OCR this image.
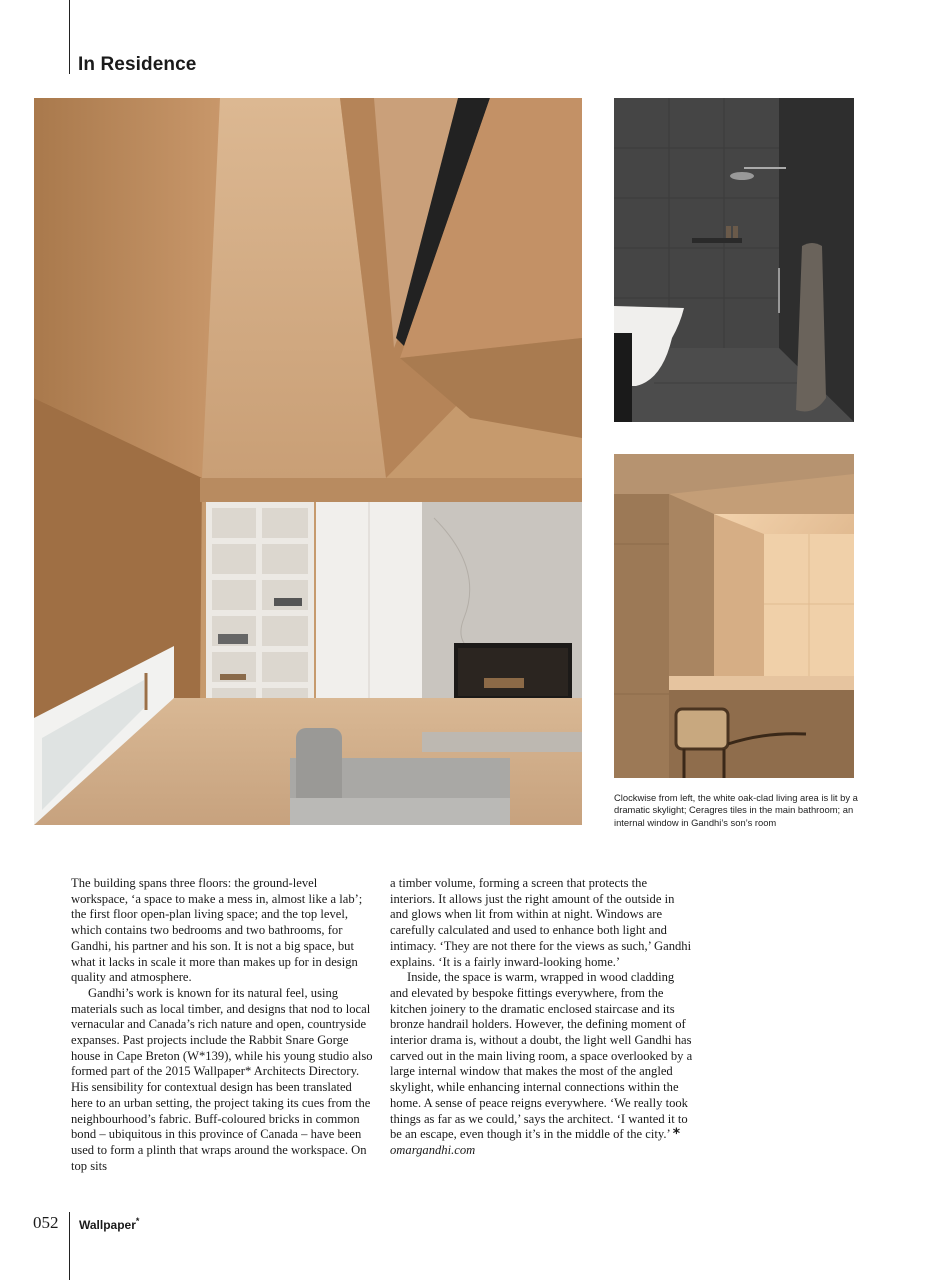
In Residence

Clockwise from left, the white oak-clad living area is lit by a dramatic skylight; Ceragres tiles in the main bathroom; an internal window in Gandhi’s son’s room

The building spans three floors: the ground-level workspace, ‘a space to make a mess in, almost like a lab’; the first floor open-plan living space; and the top level, which contains two bedrooms and two bathrooms, for Gandhi, his partner and his son. It is not a big space, but what it lacks in scale it more than makes up for in design quality and atmosphere.

Gandhi’s work is known for its natural feel, using materials such as local timber, and designs that nod to local vernacular and Canada’s rich nature and open, countryside expanses. Past projects include the Rabbit Snare Gorge house in Cape Breton (W*139), while his young studio also formed part of the 2015 Wallpaper* Architects Directory. His sensibility for contextual design has been translated here to an urban setting, the project taking its cues from the neighbourhood’s fabric. Buff-coloured bricks in common bond – ubiquitous in this province of Canada – have been used to form a plinth that wraps around the workspace. On top sits

a timber volume, forming a screen that protects the interiors. It allows just the right amount of the outside in and glows when lit from within at night. Windows are carefully calculated and used to enhance both light and intimacy. ‘They are not there for the views as such,’ Gandhi explains. ‘It is a fairly inward-looking home.’

Inside, the space is warm, wrapped in wood cladding and elevated by bespoke fittings everywhere, from the kitchen joinery to the dramatic enclosed staircase and its bronze handrail holders. However, the defining moment of interior drama is, without a doubt, the light well Gandhi has carved out in the main living room, a space overlooked by a large internal window that makes the most of the angled skylight, while enhancing internal connections within the home. A sense of peace reigns everywhere. ‘We really took things as far as we could,’ says the architect. ‘I wanted it to be an escape, even though it’s in the middle of the city.’ *

omargandhi.com

052 Wallpaper*
